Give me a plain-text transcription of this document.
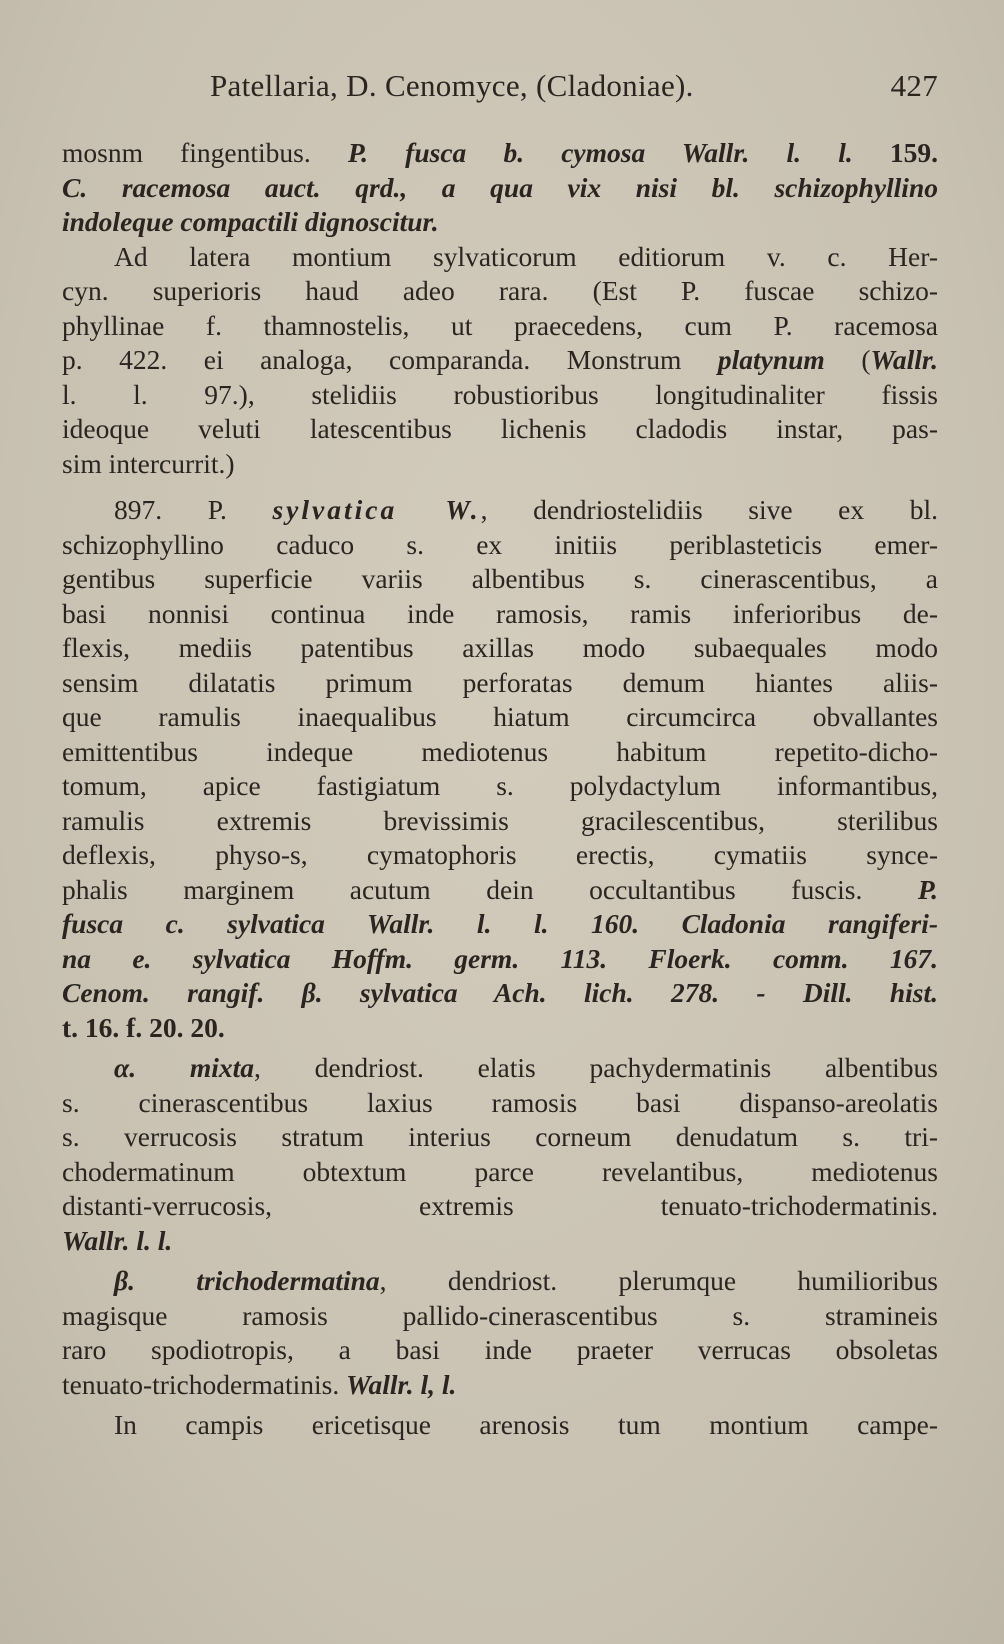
Patellaria, D. Cenomyce, (Cladoniae).	427
mosnm fingentibus. P. fusca b. cymosa Wallr. l. l. 159.
C. racemosa auct. qrd., a qua vix nisi bl. schizophyllino
indoleque compactili dignoscitur.
Ad latera montium sylvaticorum editiorum v. c. Her-
cyn. superioris haud adeo rara. (Est P. fuscae schizo-
phyllinae f. thamnostelis, ut praecedens, cum P. racemosa
p. 422. ei analoga, comparanda. Monstrum platynum (Wallr.
l. l. 97.), stelidiis robustioribus longitudinaliter fissis
ideoque veluti latescentibus lichenis cladodis instar, pas-
sim intercurrit.)
897. P. sylvatica W., dendriostelidiis sive ex bl.
schizophyllino caduco s. ex initiis periblasteticis emer-
gentibus superficie variis albentibus s. cinerascentibus, a
basi nonnisi continua inde ramosis, ramis inferioribus de-
flexis, mediis patentibus axillas modo subaequales modo
sensim dilatatis primum perforatas demum hiantes aliis-
que ramulis inaequalibus hiatum circumcirca obvallantes
emittentibus indeque mediotenus habitum repetito-dicho-
tomum, apice fastigiatum s. polydactylum informantibus,
ramulis extremis brevissimis gracilescentibus, sterilibus
deflexis, physo-s, cymatophoris erectis, cymatiis synce-
phalis marginem acutum dein occultantibus fuscis. P.
fusca c. sylvatica Wallr. l. l. 160. Cladonia rangiferi-
na e. sylvatica Hoffm. germ. 113. Floerk. comm. 167.
Cenom. rangif. β. sylvatica Ach. lich. 278. - Dill. hist.
t. 16. f. 20. 20.
α. mixta, dendriost. elatis pachydermatinis albentibus
s. cinerascentibus laxius ramosis basi dispanso-areolatis
s. verrucosis stratum interius corneum denudatum s. tri-
chodermatinum obtextum parce revelantibus, mediotenus
distanti-verrucosis, extremis tenuato-trichodermatinis.
Wallr. l. l.
β. trichodermatina, dendriost. plerumque humilioribus
magisque ramosis pallido-cinerascentibus s. stramineis
raro spodiotropis, a basi inde praeter verrucas obsoletas
tenuato-trichodermatinis. Wallr. l, l.
In campis ericetisque arenosis tum montium campe-
